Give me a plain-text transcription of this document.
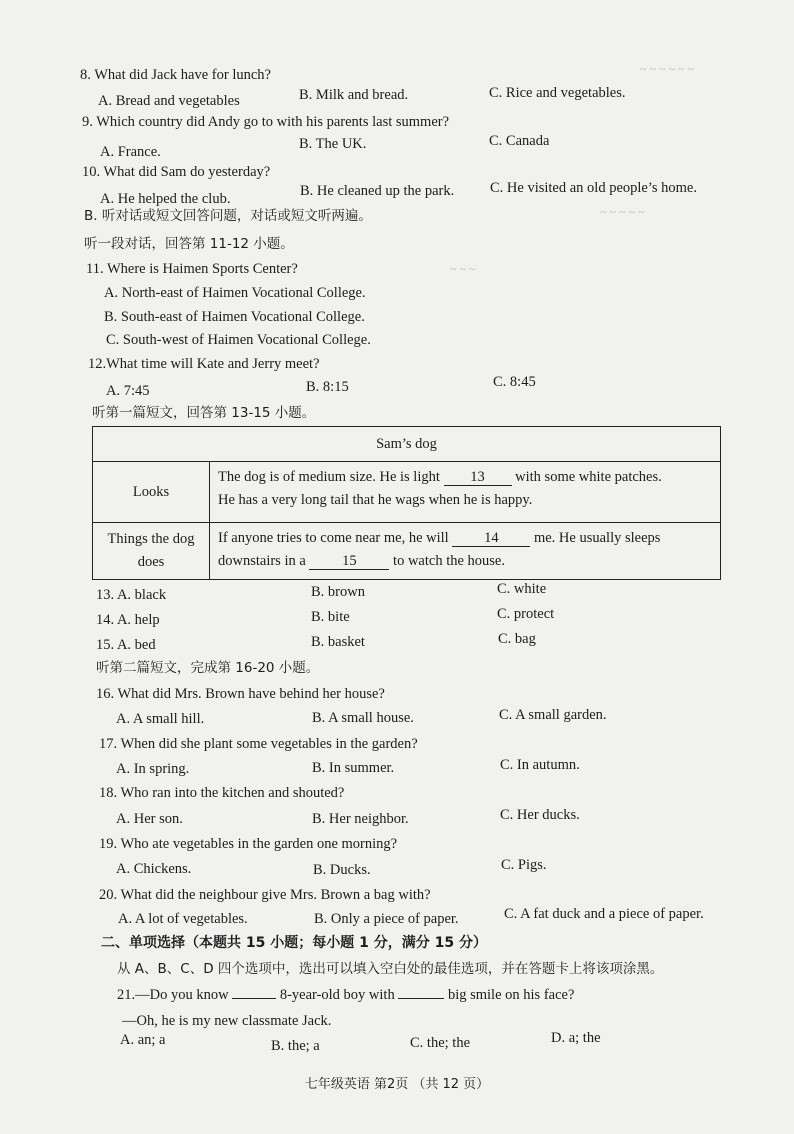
~ ~ ~ ~ ~ ~
~ ~ ~ ~ ~
~ ~ ~
8. What did Jack have for lunch?
A. Bread and vegetables	B. Milk and bread.	C. Rice and vegetables.
9. Which country did Andy go to with his parents last summer?
A. France.	B. The UK.	C. Canada
10. What did Sam do yesterday?
A. He helped the club.	B. He cleaned up the park. C. He visited an old people’s home.
B. 听对话或短文回答问题，对话或短文听两遍。
听一段对话，回答第 11-12 小题。
11. Where is Haimen Sports Center?
A. North-east of Haimen Vocational College.
B. South-east of Haimen Vocational College.
C. South-west of Haimen Vocational College.
12.What time will Kate and Jerry meet?
A. 7:45	B. 8:15	C. 8:45
听第一篇短文，回答第 13-15 小题。
Sam’s dog
Looks
The dog is of medium size. He is light 13 with some white patches.
He has a very long tail that he wags when he is happy.
Things the dog
does
If anyone tries to come near me, he will 14 me. He usually sleeps
downstairs in a	15	to watch the house.
13. A. black	B. brown	C. white
14. A. help	B. bite	C. protect
15. A. bed	B. basket	C. bag
听第二篇短文，完成第 16-20 小题。
16. What did Mrs. Brown have behind her house?
A. A small hill.	B. A small house.	C. A small garden.
17. When did she plant some vegetables in the garden?
A. In spring.	B. In summer.	C. In autumn.
18. Who ran into the kitchen and shouted?
A. Her son.	B. Her neighbor.	C. Her ducks.
19. Who ate vegetables in the garden one morning?
A. Chickens.	B. Ducks.	C. Pigs.
20. What did the neighbour give Mrs. Brown a bag with?
A. A lot of vegetables.	B. Only a piece of paper.	C. A fat duck and a piece of paper.
二、单项选择（本题共 15 小题；每小题 1 分，满分 15 分）
从 A、B、C、D 四个选项中，选出可以填入空白处的最佳选项，并在答题卡上将该项涂黑。
21.—Do you know	8-year-old boy with	big smile on his face?
—Oh, he is my new classmate Jack.
A. an; a	B. the; a	C. the; the	D. a; the
七年级英语 第2页 （共 12 页）
